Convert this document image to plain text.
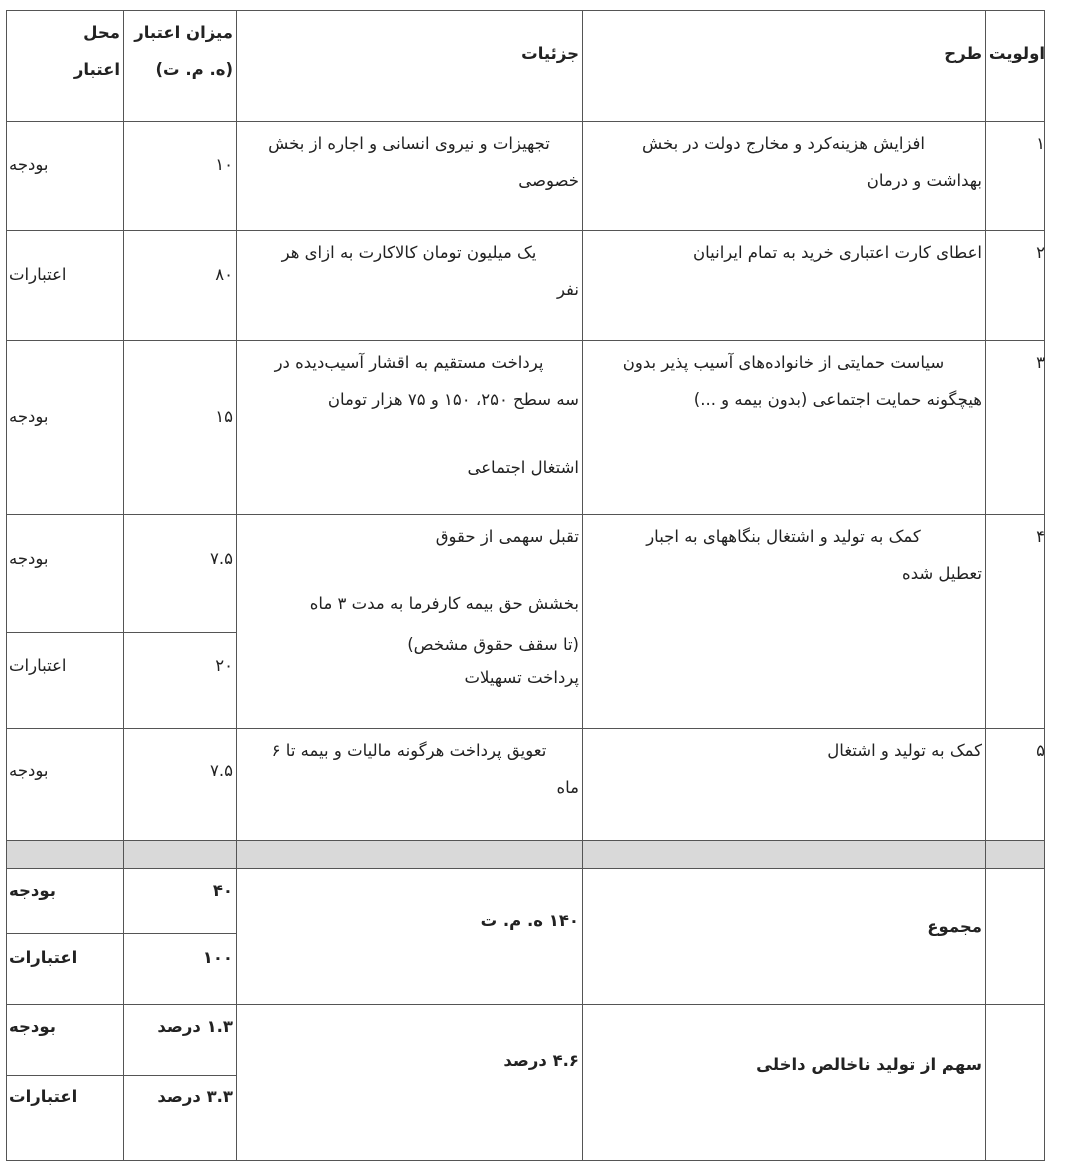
اولویت
طرح
جزئیات
میزان اعتبار
(ه. م. ت)
محل
اعتبار
۱
افزایش هزینه‌کرد و مخارج دولت در بخش
بهداشت و درمان
تجهیزات و نیروی انسانی و اجاره از بخش
خصوصی
۱۰
بودجه
۲
اعطای کارت اعتباری خرید به تمام ایرانیان
یک میلیون تومان کالاکارت به ازای هر
نفر
۸۰
اعتبارات
۳
سیاست حمایتی از خانواده‌های آسیب پذیر بدون
هیچگونه حمایت اجتماعی (بدون بیمه و ...)
پرداخت مستقیم به اقشار آسیب‌دیده در
سه سطح ۲۵۰، ۱۵۰ و ۷۵ هزار تومان
اشتغال اجتماعی
۱۵
بودجه
۴
کمک به تولید و اشتغال بنگاههای به اجبار
تعطیل شده
تقبل سهمی از حقوق
بخشش حق بیمه کارفرما به مدت ۳ ماه
(تا سقف حقوق مشخص)
پرداخت تسهیلات
۷.۵
بودجه
۲۰
اعتبارات
۵
کمک به تولید و اشتغال
تعویق پرداخت هرگونه مالیات و بیمه تا ۶
ماه
۷.۵
بودجه
مجموع
۱۴۰ ه. م. ت
۴۰
بودجه
۱۰۰
اعتبارات
سهم از تولید ناخالص داخلی
۴.۶ درصد
۱.۳ درصد
بودجه
۳.۳ درصد
اعتبارات
